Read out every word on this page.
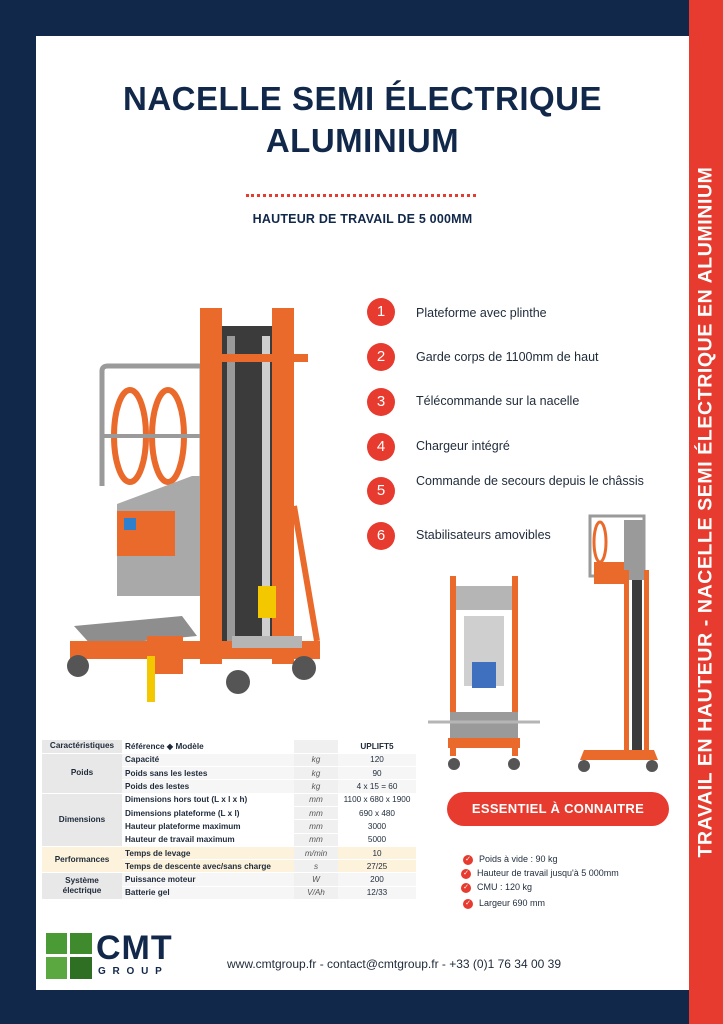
TRAVAIL EN HAUTEUR - NACELLE SEMI ÉLECTRIQUE EN ALUMINIUM
NACELLE SEMI ÉLECTRIQUE
ALUMINIUM
HAUTEUR DE TRAVAIL DE 5 000MM
1	Plateforme avec plinthe
2	Garde corps de 1100mm de haut
3	Télécommande sur la nacelle
4	Chargeur intégré
5
Commande de secours depuis le châssis
6	Stabilisateurs amovibles
Caractéristiques	Référence ◆ Modèle		UPLIFT5
Poids	Capacité	kg	120
	Poids sans les lestes	kg	90
	Poids des lestes	kg	4 x 15 = 60
Dimensions	Dimensions hors tout (L x l x h)	mm	1100 x 680 x 1900
	Dimensions plateforme (L x l)	mm	690 x 480
	Hauteur plateforme maximum	mm	3000
	Hauteur de travail maximum	mm	5000
Performances	Temps de levage	m/min	10
	Temps de descente avec/sans charge	s	27/25
Système électrique	Puissance moteur	W	200
	Batterie gel	V/Ah	12/33
ESSENTIEL À CONNAITRE
✓ Poids à vide : 90 kg
✓ Hauteur de travail jusqu'à 5 000mm
✓ CMU : 120 kg
✓ Largeur 690 mm
CMT
G R O U P
www.cmtgroup.fr - contact@cmtgroup.fr - +33 (0)1 76 34 00 39
